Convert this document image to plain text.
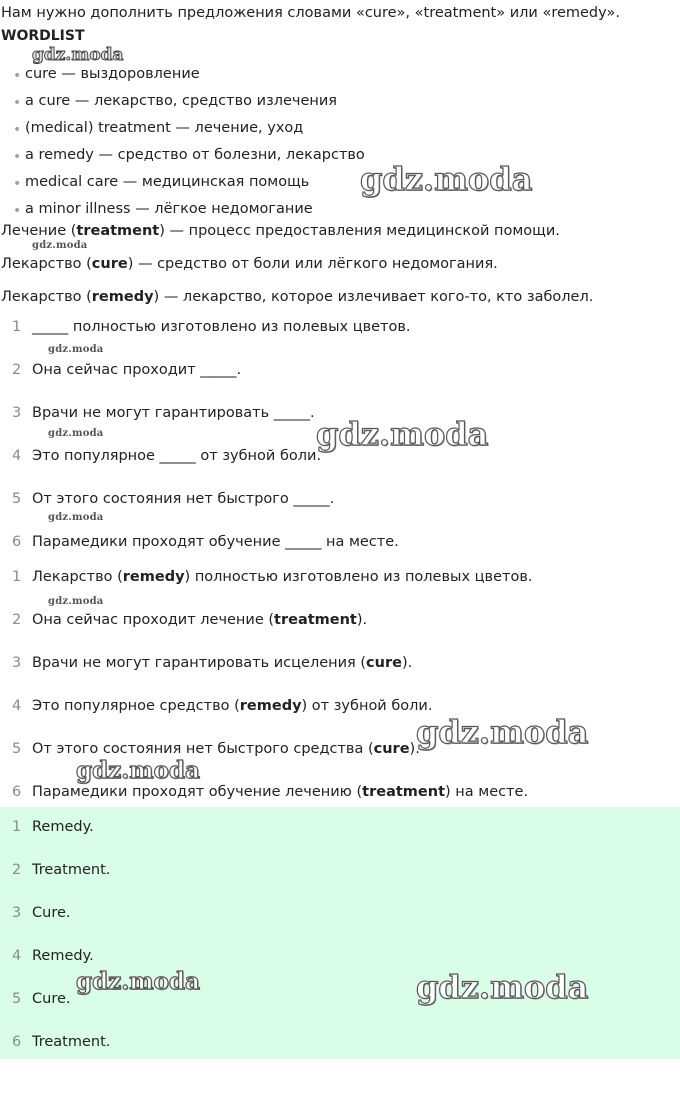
Нам нужно дополнить предложения словами «cure», «treatment» или «remedy».
WORDLIST
• cure — выздоровление
• a cure — лекарство, средство излечения
• (medical) treatment — лечение, уход
• a remedy — средство от болезни, лекарство
• medical care — медицинская помощь
• a minor illness — лёгкое недомогание
Лечение (treatment) — процесс предоставления медицинской помощи.
Лекарство (cure) — средство от боли или лёгкого недомогания.
Лекарство (remedy) — лекарство, которое излечивает кого-то, кто заболел.
1 _____ полностью изготовлено из полевых цветов.
2 Она сейчас проходит _____.
3 Врачи не могут гарантировать _____.
4 Это популярное _____ от зубной боли.
5 От этого состояния нет быстрого _____.
6 Парамедики проходят обучение _____ на месте.
1 Лекарство (remedy) полностью изготовлено из полевых цветов.
2 Она сейчас проходит лечение (treatment).
3 Врачи не могут гарантировать исцеления (cure).
4 Это популярное средство (remedy) от зубной боли.
5 От этого состояния нет быстрого средства (cure).
6 Парамедики проходят обучение лечению (treatment) на месте.
1 Remedy.
2 Treatment.
3 Cure.
4 Remedy.
5 Cure.
6 Treatment.
gdz.moda
gdz.moda
gdz.moda
gdz.moda
gdz.moda
gdz.moda
gdz.moda
gdz.moda
gdz.moda
gdz.moda
gdz.moda	gdz.moda
